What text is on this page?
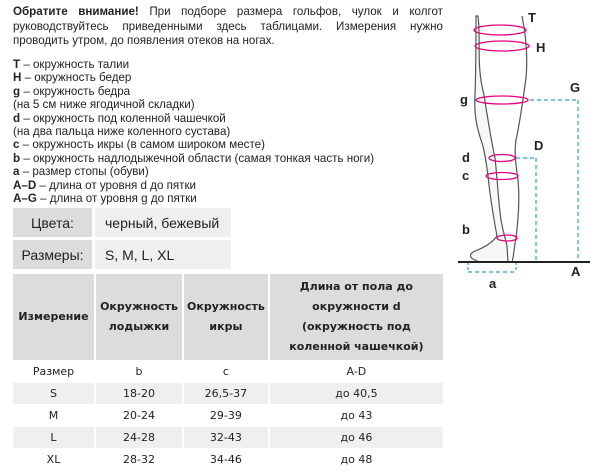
Обратите внимание! При подборе размера гольфов, чулок и колгот

руководствуйтесь приведенными здесь таблицами. Измерения нужно

проводить утром, до появления отеков на ногах.

T – окружность талии
H – окружность бедер
g – окружность бедра
(на 5 см ниже ягодичной складки)
d – окружность под коленной чашечкой
(на два пальца ниже коленного сустава)
c – окружность икры (в самом широком месте)
b – окружность надлодыжечной области (самая тонкая часть ноги)
a – размер стопы (обуви)
A–D – длина от уровня d до пятки
A–G – длина от уровня g до пятки
Цвета:	черный, бежевый
Размеры:	S, M, L, XL
Измерение	Окружность лодыжки	Окружность икры	Длина от пола до окружности d (окружность под коленной чашечкой)
Размер	b	c	A-D
S	18-20	26,5-37	до 40,5
M	20-24	29-39	до 43
L	24-28	32-43	до 46
XL	28-32	34-46	до 48
T
H
G
g
d
D
c
b
a
A
